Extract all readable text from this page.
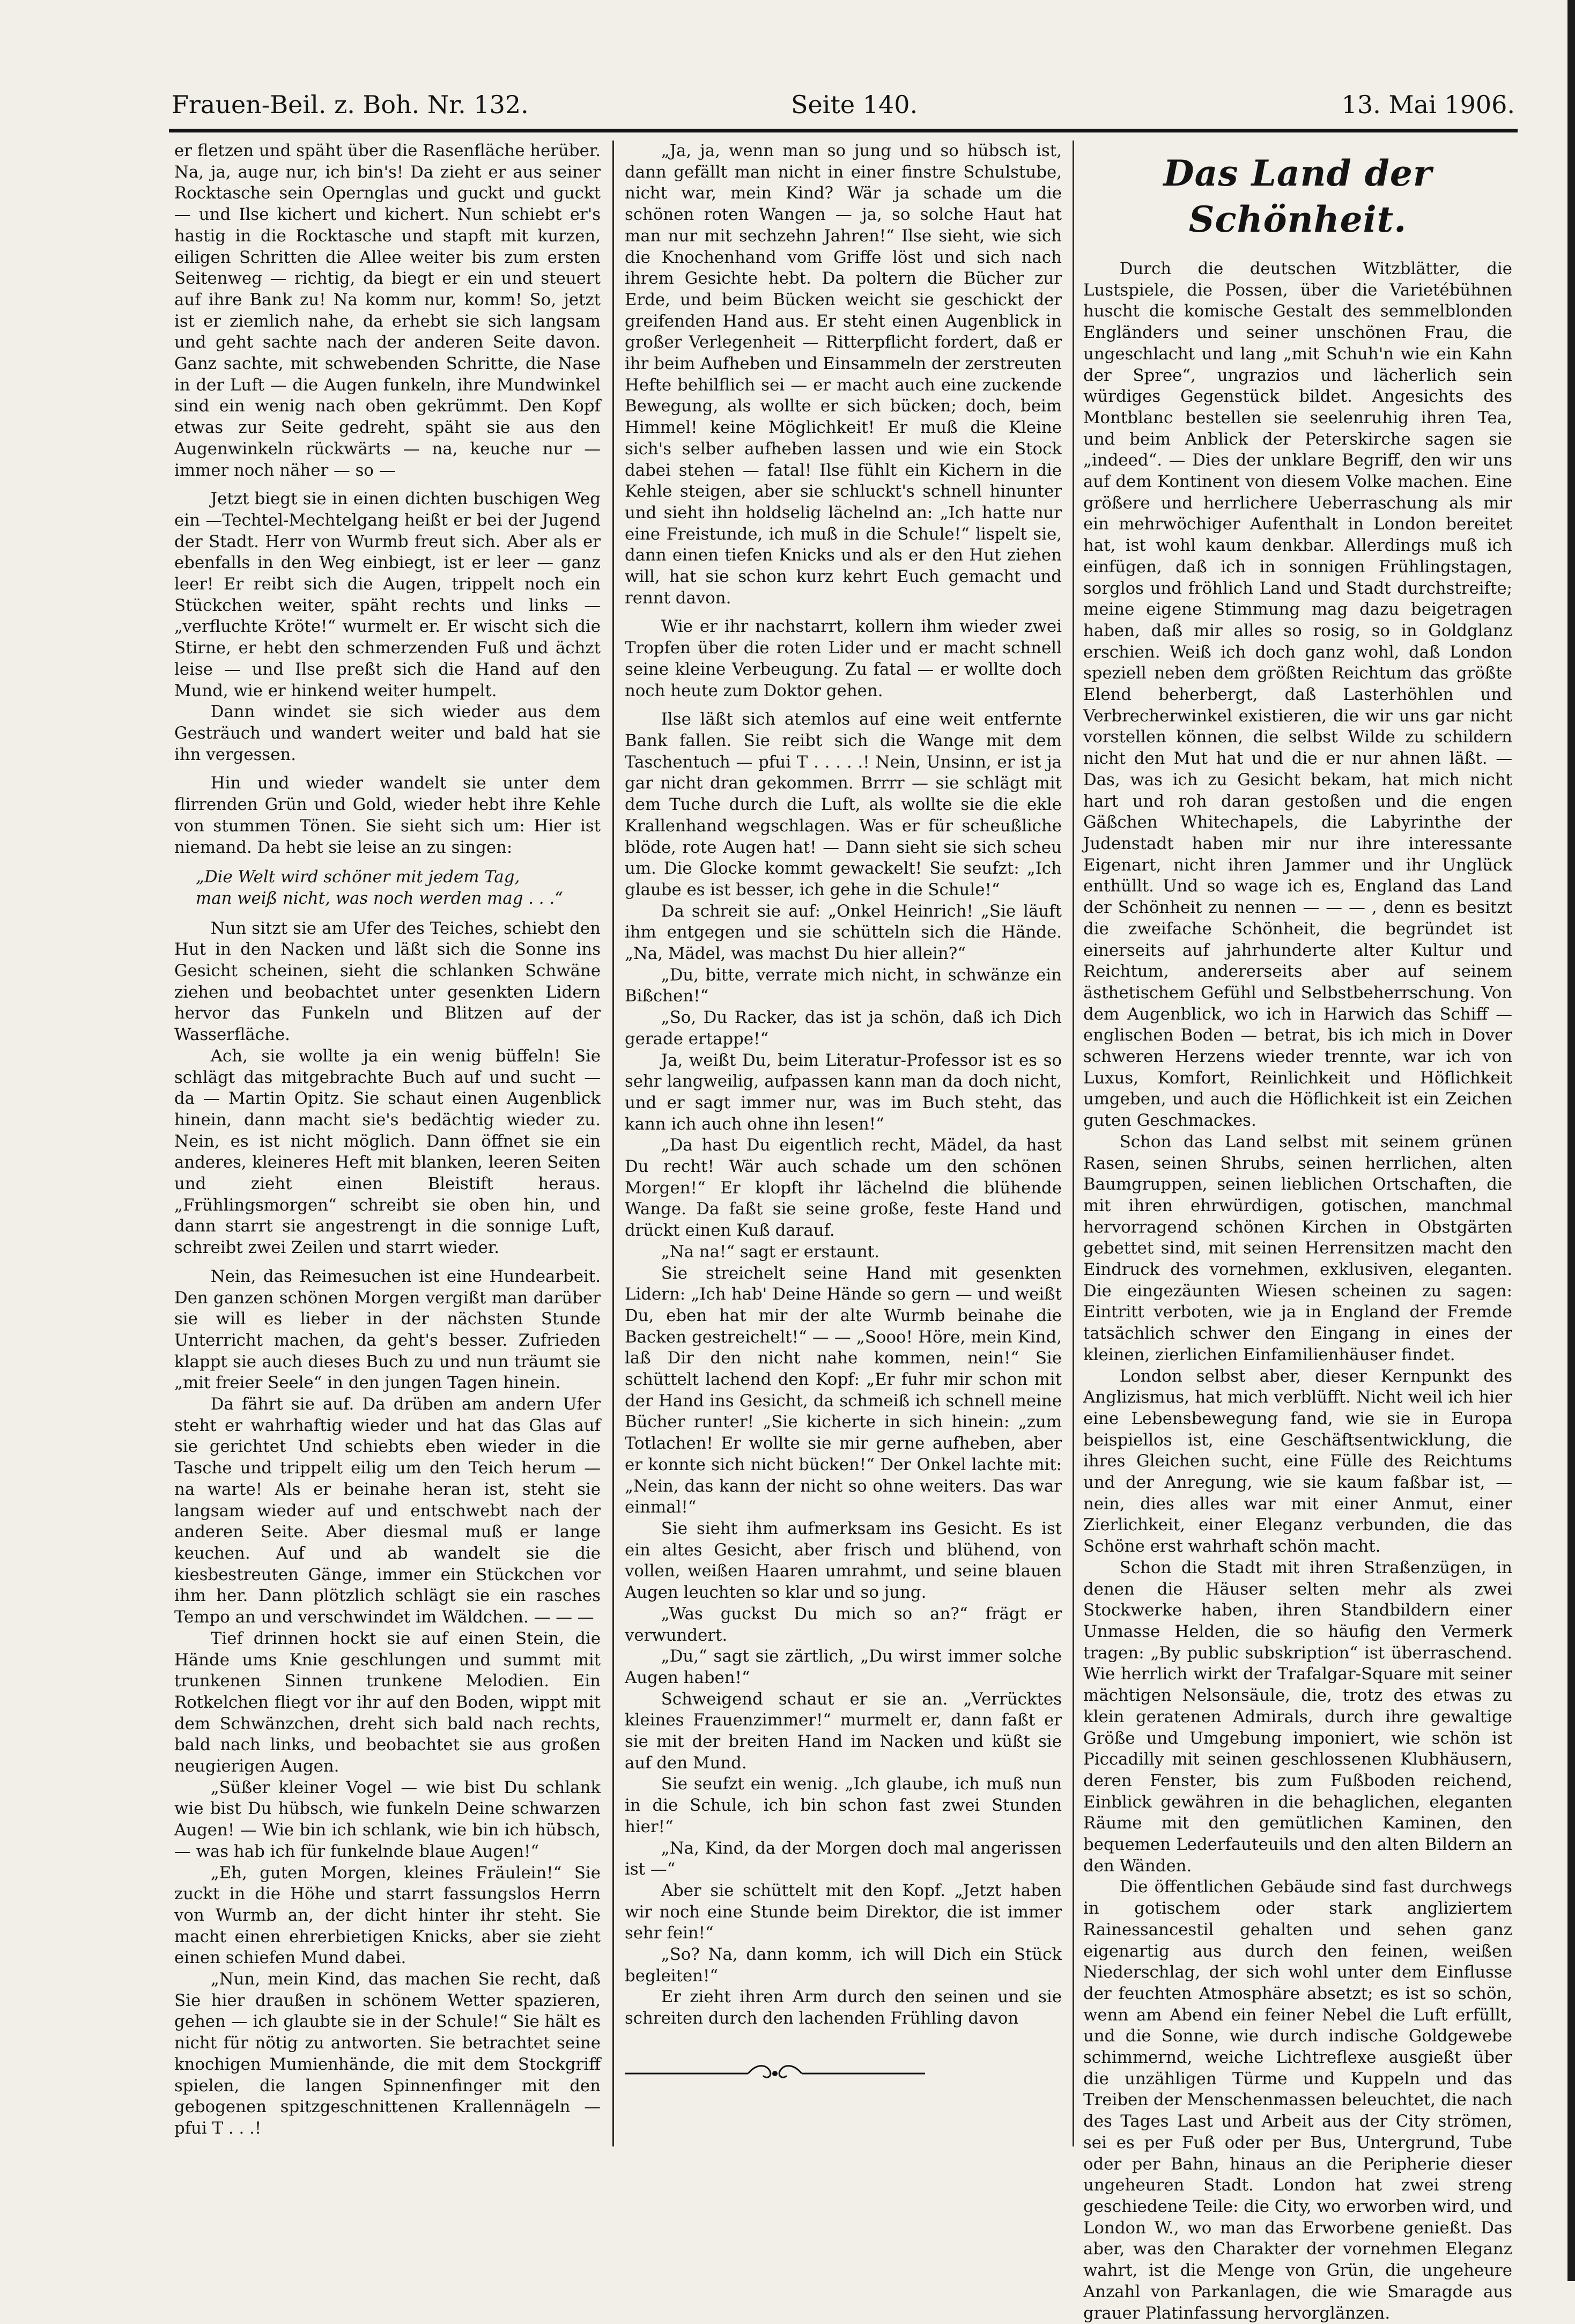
Frauen-Beil. z. Boh. Nr. 132.	Seite 140.	13. Mai 1906.

er fletzen und späht über die Rasenfläche herüber. Na, ja, auge nur, ich bin's! Da zieht er aus seiner Rocktasche sein Opernglas und guckt und guckt — und Ilse kichert und kichert. Nun schiebt er's hastig in die Rocktasche und stapft mit kurzen, eiligen Schritten die Allee weiter bis zum ersten Seitenweg — richtig, da biegt er ein und steuert auf ihre Bank zu! Na komm nur, komm! So, jetzt ist er ziemlich nahe, da erhebt sie sich langsam und geht sachte nach der anderen Seite davon. Ganz sachte, mit schwebenden Schritte, die Nase in der Luft — die Augen funkeln, ihre Mundwinkel sind ein wenig nach oben gekrümmt. Den Kopf etwas zur Seite gedreht, späht sie aus den Augenwinkeln rückwärts — na, keuche nur — immer noch näher — so —

Jetzt biegt sie in einen dichten buschigen Weg ein —Techtel-Mechtelgang heißt er bei der Jugend der Stadt. Herr von Wurmb freut sich. Aber als er ebenfalls in den Weg einbiegt, ist er leer — ganz leer! Er reibt sich die Augen, trippelt noch ein Stückchen weiter, späht rechts und links — „verfluchte Kröte!“ wurmelt er. Er wischt sich die Stirne, er hebt den schmerzenden Fuß und ächzt leise — und Ilse preßt sich die Hand auf den Mund, wie er hinkend weiter humpelt.

Dann windet sie sich wieder aus dem Gesträuch und wandert weiter und bald hat sie ihn vergessen.

Hin und wieder wandelt sie unter dem flirrenden Grün und Gold, wieder hebt ihre Kehle von stummen Tönen. Sie sieht sich um: Hier ist niemand. Da hebt sie leise an zu singen:

„Die Welt wird schöner mit jedem Tag,
man weiß nicht, was noch werden mag . . .“

Nun sitzt sie am Ufer des Teiches, schiebt den Hut in den Nacken und läßt sich die Sonne ins Gesicht scheinen, sieht die schlanken Schwäne ziehen und beobachtet unter gesenkten Lidern hervor das Funkeln und Blitzen auf der Wasserfläche.

Ach, sie wollte ja ein wenig büffeln! Sie schlägt das mitgebrachte Buch auf und sucht — da — Martin Opitz. Sie schaut einen Augenblick hinein, dann macht sie's bedächtig wieder zu. Nein, es ist nicht möglich. Dann öffnet sie ein anderes, kleineres Heft mit blanken, leeren Seiten und zieht einen Bleistift heraus. „Frühlingsmorgen“ schreibt sie oben hin, und dann starrt sie angestrengt in die sonnige Luft, schreibt zwei Zeilen und starrt wieder.

Nein, das Reimesuchen ist eine Hundearbeit. Den ganzen schönen Morgen vergißt man darüber sie will es lieber in der nächsten Stunde Unterricht machen, da geht's besser. Zufrieden klappt sie auch dieses Buch zu und nun träumt sie „mit freier Seele“ in den jungen Tagen hinein.

Da fährt sie auf. Da drüben am andern Ufer steht er wahrhaftig wieder und hat das Glas auf sie gerichtet Und schiebts eben wieder in die Tasche und trippelt eilig um den Teich herum — na warte! Als er beinahe heran ist, steht sie langsam wieder auf und entschwebt nach der anderen Seite. Aber diesmal muß er lange keuchen. Auf und ab wandelt sie die kiesbestreuten Gänge, immer ein Stückchen vor ihm her. Dann plötzlich schlägt sie ein rasches Tempo an und verschwindet im Wäldchen. — — —

Tief drinnen hockt sie auf einen Stein, die Hände ums Knie geschlungen und summt mit trunkenen Sinnen trunkene Melodien. Ein Rotkelchen fliegt vor ihr auf den Boden, wippt mit dem Schwänzchen, dreht sich bald nach rechts, bald nach links, und beobachtet sie aus großen neugierigen Augen.

„Süßer kleiner Vogel — wie bist Du schlank wie bist Du hübsch, wie funkeln Deine schwarzen Augen! — Wie bin ich schlank, wie bin ich hübsch, — was hab ich für funkelnde blaue Augen!“

„Eh, guten Morgen, kleines Fräulein!“ Sie zuckt in die Höhe und starrt fassungslos Herrn von Wurmb an, der dicht hinter ihr steht. Sie macht einen ehrerbietigen Knicks, aber sie zieht einen schiefen Mund dabei.

„Nun, mein Kind, das machen Sie recht, daß Sie hier draußen in schönem Wetter spazieren, gehen — ich glaubte sie in der Schule!“ Sie hält es nicht für nötig zu antworten. Sie betrachtet seine knochigen Mumienhände, die mit dem Stockgriff spielen, die langen Spinnenfinger mit den gebogenen spitzgeschnittenen Krallennägeln — pfui T . . .!

„Ja, ja, wenn man so jung und so hübsch ist, dann gefällt man nicht in einer finstre Schulstube, nicht war, mein Kind? Wär ja schade um die schönen roten Wangen — ja, so solche Haut hat man nur mit sechzehn Jahren!“ Ilse sieht, wie sich die Knochenhand vom Griffe löst und sich nach ihrem Gesichte hebt. Da poltern die Bücher zur Erde, und beim Bücken weicht sie geschickt der greifenden Hand aus. Er steht einen Augenblick in großer Verlegenheit — Ritterpflicht fordert, daß er ihr beim Aufheben und Einsammeln der zerstreuten Hefte behilflich sei — er macht auch eine zuckende Bewegung, als wollte er sich bücken; doch, beim Himmel! keine Möglichkeit! Er muß die Kleine sich's selber aufheben lassen und wie ein Stock dabei stehen — fatal! Ilse fühlt ein Kichern in die Kehle steigen, aber sie schluckt's schnell hinunter und sieht ihn holdselig lächelnd an: „Ich hatte nur eine Freistunde, ich muß in die Schule!“ lispelt sie, dann einen tiefen Knicks und als er den Hut ziehen will, hat sie schon kurz kehrt Euch gemacht und rennt davon.

Wie er ihr nachstarrt, kollern ihm wieder zwei Tropfen über die roten Lider und er macht schnell seine kleine Verbeugung. Zu fatal — er wollte doch noch heute zum Doktor gehen.

Ilse läßt sich atemlos auf eine weit entfernte Bank fallen. Sie reibt sich die Wange mit dem Taschentuch — pfui T . . . . .! Nein, Unsinn, er ist ja gar nicht dran gekommen. Brrrr — sie schlägt mit dem Tuche durch die Luft, als wollte sie die ekle Krallenhand wegschlagen. Was er für scheußliche blöde, rote Augen hat! — Dann sieht sie sich scheu um. Die Glocke kommt gewackelt! Sie seufzt: „Ich glaube es ist besser, ich gehe in die Schule!“

Da schreit sie auf: „Onkel Heinrich! „Sie läuft ihm entgegen und sie schütteln sich die Hände. „Na, Mädel, was machst Du hier allein?“

„Du, bitte, verrate mich nicht, in schwänze ein Bißchen!“

„So, Du Racker, das ist ja schön, daß ich Dich gerade ertappe!“

Ja, weißt Du, beim Literatur-Professor ist es so sehr langweilig, aufpassen kann man da doch nicht, und er sagt immer nur, was im Buch steht, das kann ich auch ohne ihn lesen!“

„Da hast Du eigentlich recht, Mädel, da hast Du recht! Wär auch schade um den schönen Morgen!“ Er klopft ihr lächelnd die blühende Wange. Da faßt sie seine große, feste Hand und drückt einen Kuß darauf.

„Na na!“ sagt er erstaunt.

Sie streichelt seine Hand mit gesenkten Lidern: „Ich hab' Deine Hände so gern — und weißt Du, eben hat mir der alte Wurmb beinahe die Backen gestreichelt!“ — — „Sooo! Höre, mein Kind, laß Dir den nicht nahe kommen, nein!“ Sie schüttelt lachend den Kopf: „Er fuhr mir schon mit der Hand ins Gesicht, da schmeiß ich schnell meine Bücher runter! „Sie kicherte in sich hinein: „zum Totlachen! Er wollte sie mir gerne aufheben, aber er konnte sich nicht bücken!“ Der Onkel lachte mit: „Nein, das kann der nicht so ohne weiters. Das war einmal!“

Sie sieht ihm aufmerksam ins Gesicht. Es ist ein altes Gesicht, aber frisch und blühend, von vollen, weißen Haaren umrahmt, und seine blauen Augen leuchten so klar und so jung.

„Was guckst Du mich so an?“ frägt er verwundert.

„Du,“ sagt sie zärtlich, „Du wirst immer solche Augen haben!“

Schweigend schaut er sie an. „Verrücktes kleines Frauenzimmer!“ murmelt er, dann faßt er sie mit der breiten Hand im Nacken und küßt sie auf den Mund.

Sie seufzt ein wenig. „Ich glaube, ich muß nun in die Schule, ich bin schon fast zwei Stunden hier!“

„Na, Kind, da der Morgen doch mal angerissen ist —“

Aber sie schüttelt mit den Kopf. „Jetzt haben wir noch eine Stunde beim Direktor, die ist immer sehr fein!“

„So? Na, dann komm, ich will Dich ein Stück begleiten!“

Er zieht ihren Arm durch den seinen und sie schreiten durch den lachenden Frühling davon

Das Land der Schönheit.

Durch die deutschen Witzblätter, die Lustspiele, die Possen, über die Varietébühnen huscht die komische Gestalt des semmelblonden Engländers und seiner unschönen Frau, die ungeschlacht und lang „mit Schuh'n wie ein Kahn der Spree“, ungrazios und lächerlich sein würdiges Gegenstück bildet. Angesichts des Montblanc bestellen sie seelenruhig ihren Tea, und beim Anblick der Peterskirche sagen sie „indeed“. — Dies der unklare Begriff, den wir uns auf dem Kontinent von diesem Volke machen. Eine größere und herrlichere Ueberraschung als mir ein mehrwöchiger Aufenthalt in London bereitet hat, ist wohl kaum denkbar. Allerdings muß ich einfügen, daß ich in sonnigen Frühlingstagen, sorglos und fröhlich Land und Stadt durchstreifte; meine eigene Stimmung mag dazu beigetragen haben, daß mir alles so rosig, so in Goldglanz erschien. Weiß ich doch ganz wohl, daß London speziell neben dem größten Reichtum das größte Elend beherbergt, daß Lasterhöhlen und Verbrecherwinkel existieren, die wir uns gar nicht vorstellen können, die selbst Wilde zu schildern nicht den Mut hat und die er nur ahnen läßt. — Das, was ich zu Gesicht bekam, hat mich nicht hart und roh daran gestoßen und die engen Gäßchen Whitechapels, die Labyrinthe der Judenstadt haben mir nur ihre interessante Eigenart, nicht ihren Jammer und ihr Unglück enthüllt. Und so wage ich es, England das Land der Schönheit zu nennen — — — , denn es besitzt die zweifache Schönheit, die begründet ist einerseits auf jahrhunderte alter Kultur und Reichtum, andererseits aber auf seinem ästhetischem Gefühl und Selbstbeherrschung. Von dem Augenblick, wo ich in Harwich das Schiff — englischen Boden — betrat, bis ich mich in Dover schweren Herzens wieder trennte, war ich von Luxus, Komfort, Reinlichkeit und Höflichkeit umgeben, und auch die Höflichkeit ist ein Zeichen guten Geschmackes.

Schon das Land selbst mit seinem grünen Rasen, seinen Shrubs, seinen herrlichen, alten Baumgruppen, seinen lieblichen Ortschaften, die mit ihren ehrwürdigen, gotischen, manchmal hervorragend schönen Kirchen in Obstgärten gebettet sind, mit seinen Herrensitzen macht den Eindruck des vornehmen, exklusiven, eleganten. Die eingezäunten Wiesen scheinen zu sagen: Eintritt verboten, wie ja in England der Fremde tatsächlich schwer den Eingang in eines der kleinen, zierlichen Einfamilienhäuser findet.

London selbst aber, dieser Kernpunkt des Anglizismus, hat mich verblüfft. Nicht weil ich hier eine Lebensbewegung fand, wie sie in Europa beispiellos ist, eine Geschäftsentwicklung, die ihres Gleichen sucht, eine Fülle des Reichtums und der Anregung, wie sie kaum faßbar ist, — nein, dies alles war mit einer Anmut, einer Zierlichkeit, einer Eleganz verbunden, die das Schöne erst wahrhaft schön macht.

Schon die Stadt mit ihren Straßenzügen, in denen die Häuser selten mehr als zwei Stockwerke haben, ihren Standbildern einer Unmasse Helden, die so häufig den Vermerk tragen: „By public subskription“ ist überraschend. Wie herrlich wirkt der Trafalgar-Square mit seiner mächtigen Nelsonsäule, die, trotz des etwas zu klein geratenen Admirals, durch ihre gewaltige Größe und Umgebung imponiert, wie schön ist Piccadilly mit seinen geschlossenen Klubhäusern, deren Fenster, bis zum Fußboden reichend, Einblick gewähren in die behaglichen, eleganten Räume mit den gemütlichen Kaminen, den bequemen Lederfauteuils und den alten Bildern an den Wänden.

Die öffentlichen Gebäude sind fast durchwegs in gotischem oder stark angliziertem Rainessancestil gehalten und sehen ganz eigenartig aus durch den feinen, weißen Niederschlag, der sich wohl unter dem Einflusse der feuchten Atmosphäre absetzt; es ist so schön, wenn am Abend ein feiner Nebel die Luft erfüllt, und die Sonne, wie durch indische Goldgewebe schimmernd, weiche Lichtreflexe ausgießt über die unzähligen Türme und Kuppeln und das Treiben der Menschenmassen beleuchtet, die nach des Tages Last und Arbeit aus der City strömen, sei es per Fuß oder per Bus, Untergrund, Tube oder per Bahn, hinaus an die Peripherie dieser ungeheuren Stadt. London hat zwei streng geschiedene Teile: die City, wo erworben wird, und London W., wo man das Erworbene genießt. Das aber, was den Charakter der vornehmen Eleganz wahrt, ist die Menge von Grün, die ungeheure Anzahl von Parkanlagen, die wie Smaragde aus grauer Platinfassung hervorglänzen.
